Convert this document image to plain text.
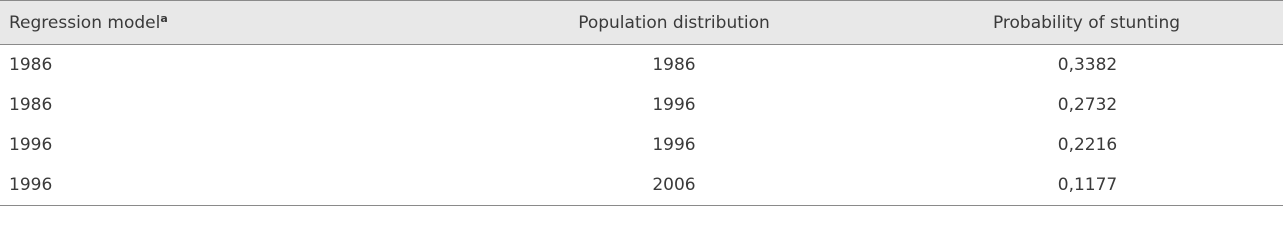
Regression model$^a$	Population distribution	Probability of stunting
1986	1986	0,3382
1986	1996	0,2732
1996	1996	0,2216
1996	2006	0,1177
